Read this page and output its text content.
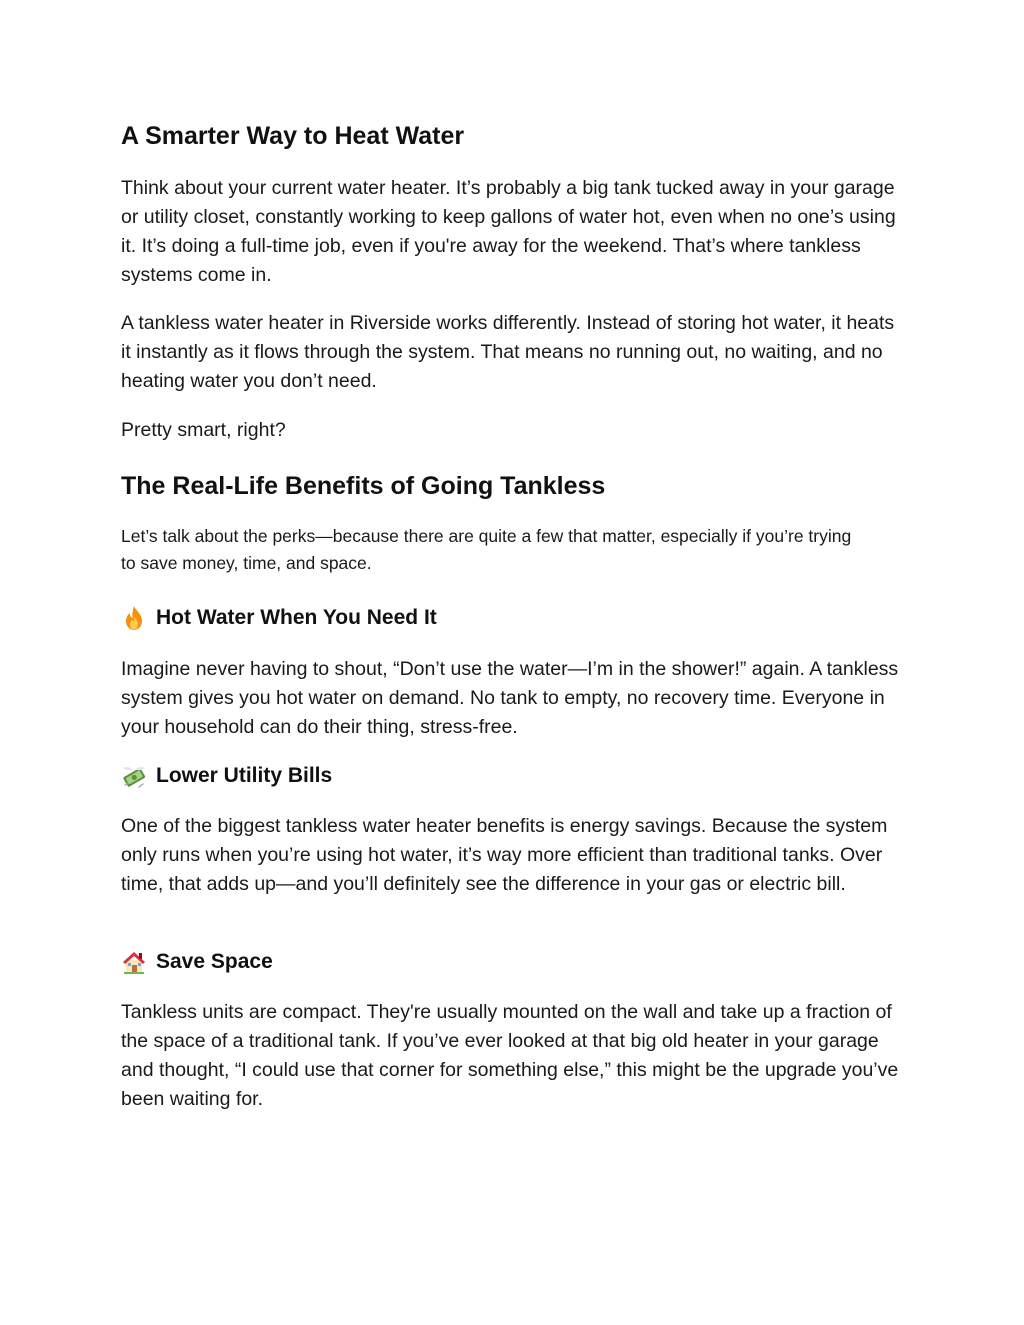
A Smarter Way to Heat Water

Think about your current water heater. It’s probably a big tank tucked away in your garage or utility closet, constantly working to keep gallons of water hot, even when no one’s using it. It’s doing a full-time job, even if you're away for the weekend. That’s where tankless systems come in.

A tankless water heater in Riverside works differently. Instead of storing hot water, it heats it instantly as it flows through the system. That means no running out, no waiting, and no heating water you don’t need.

Pretty smart, right?

The Real-Life Benefits of Going Tankless

Let’s talk about the perks—because there are quite a few that matter, especially if you’re trying to save money, time, and space.

Hot Water When You Need It

Imagine never having to shout, “Don’t use the water—I’m in the shower!” again. A tankless system gives you hot water on demand. No tank to empty, no recovery time. Everyone in your household can do their thing, stress-free.

Lower Utility Bills

One of the biggest tankless water heater benefits is energy savings. Because the system only runs when you’re using hot water, it’s way more efficient than traditional tanks. Over time, that adds up—and you’ll definitely see the difference in your gas or electric bill.

Save Space

Tankless units are compact. They're usually mounted on the wall and take up a fraction of the space of a traditional tank. If you’ve ever looked at that big old heater in your garage and thought, “I could use that corner for something else,” this might be the upgrade you’ve been waiting for.
